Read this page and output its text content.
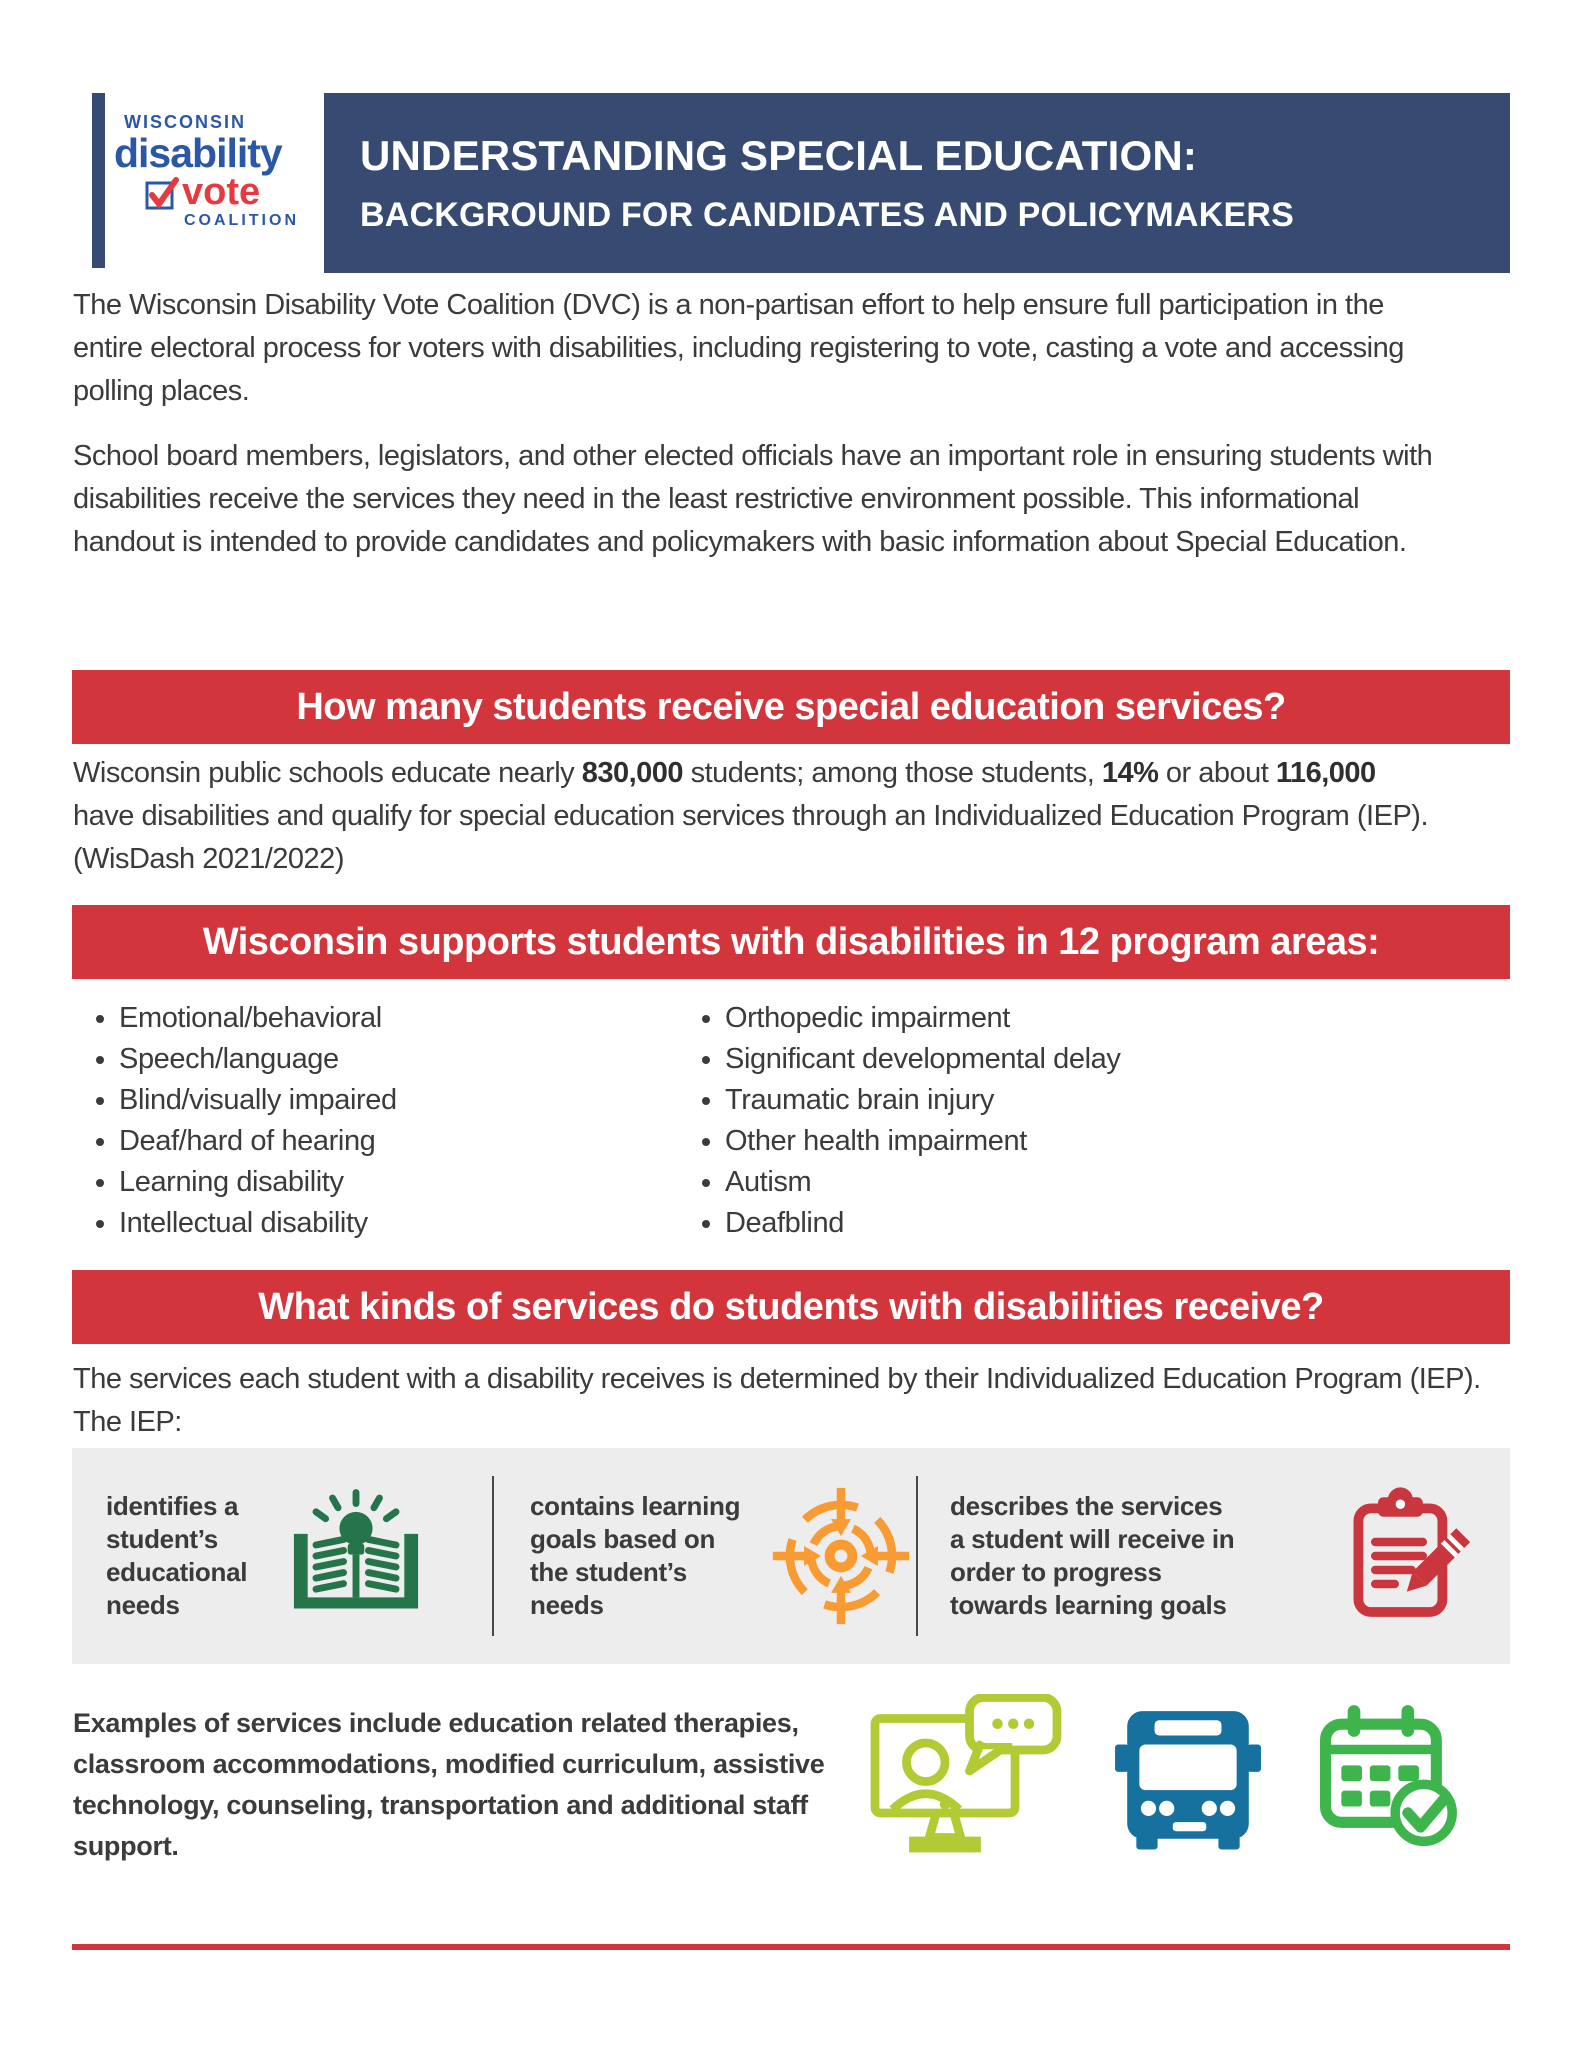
WISCONSIN
disability
vote
COALITION
UNDERSTANDING SPECIAL EDUCATION:
BACKGROUND FOR CANDIDATES AND POLICYMAKERS

The Wisconsin Disability Vote Coalition (DVC) is a non-partisan effort to help ensure full participation in the entire electoral process for voters with disabilities, including registering to vote, casting a vote and accessing polling places.

School board members, legislators, and other elected officials have an important role in ensuring students with disabilities receive the services they need in the least restrictive environment possible. This informational handout is intended to provide candidates and policymakers with basic information about Special Education.

How many students receive special education services?

Wisconsin public schools educate nearly 830,000 students; among those students, 14% or about 116,000 have disabilities and qualify for special education services through an Individualized Education Program (IEP). (WisDash 2021/2022)

Wisconsin supports students with disabilities in 12 program areas:
• Emotional/behavioral
• Speech/language
• Blind/visually impaired
• Deaf/hard of hearing
• Learning disability
• Intellectual disability
• Orthopedic impairment
• Significant developmental delay
• Traumatic brain injury
• Other health impairment
• Autism
• Deafblind
What kinds of services do students with disabilities receive?

The services each student with a disability receives is determined by their Individualized Education Program (IEP). The IEP:

identifies a student’s educational needs
contains learning goals based on the student’s needs
describes the services a student will receive in order to progress towards learning goals

Examples of services include education related therapies, classroom accommodations, modified curriculum, assistive technology, counseling, transportation and additional staff support.
